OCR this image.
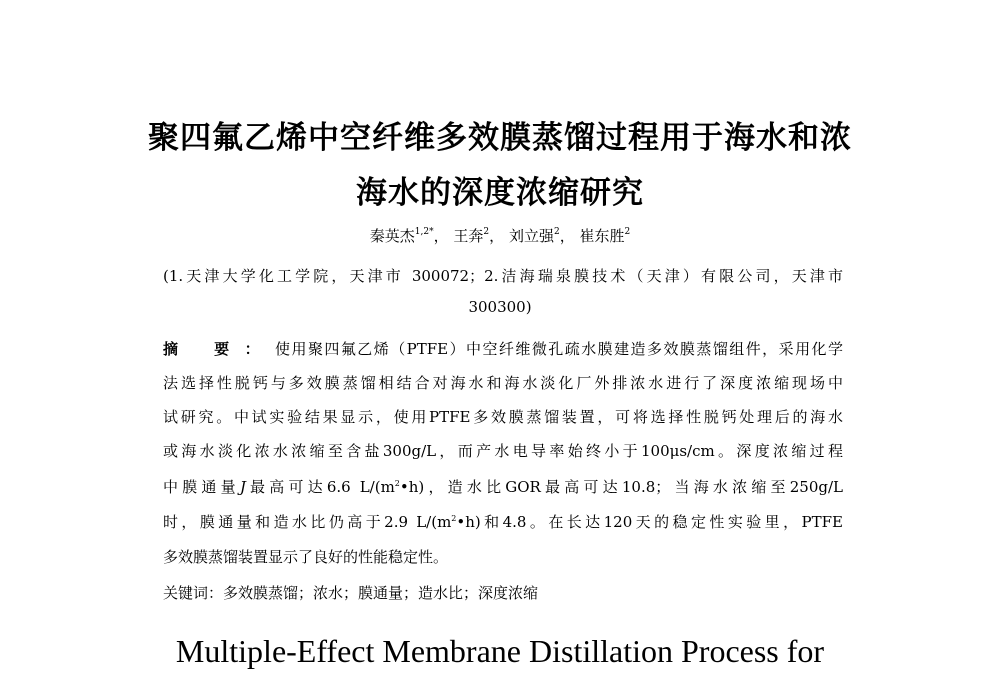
聚四氟乙烯中空纤维多效膜蒸馏过程用于海水和浓
海水的深度浓缩研究
秦英杰$^{1,2*}$， 王奔$^2$， 刘立强$^2$， 崔东胜$^2$
(1.天津大学化工学院，天津市 300072；2.洁海瑞泉膜技术（天津）有限公司，天津市
300300)
摘 要：使用聚四氟乙烯（PTFE）中空纤维微孔疏水膜建造多效膜蒸馏组件，采用化学
法选择性脱钙与多效膜蒸馏相结合对海水和海水淡化厂外排浓水进行了深度浓缩现场中
试研究。中试实验结果显示，使用PTFE多效膜蒸馏装置，可将选择性脱钙处理后的海水
或海水淡化浓水浓缩至含盐300g/L，而产水电导率始终小于100μs/cm。深度浓缩过程
中膜通量J最高可达6.6 $L/(m^2•h)$，造水比GOR最高可达10.8；当海水浓缩至250g/L
时，膜通量和造水比仍高于2.9 $L/(m^2•h)$和4.8。在长达120天的稳定性实验里，PTFE
多效膜蒸馏装置显示了良好的性能稳定性。
关键词：多效膜蒸馏；浓水；膜通量；造水比；深度浓缩
Multiple-Effect Membrane Distillation Process for
